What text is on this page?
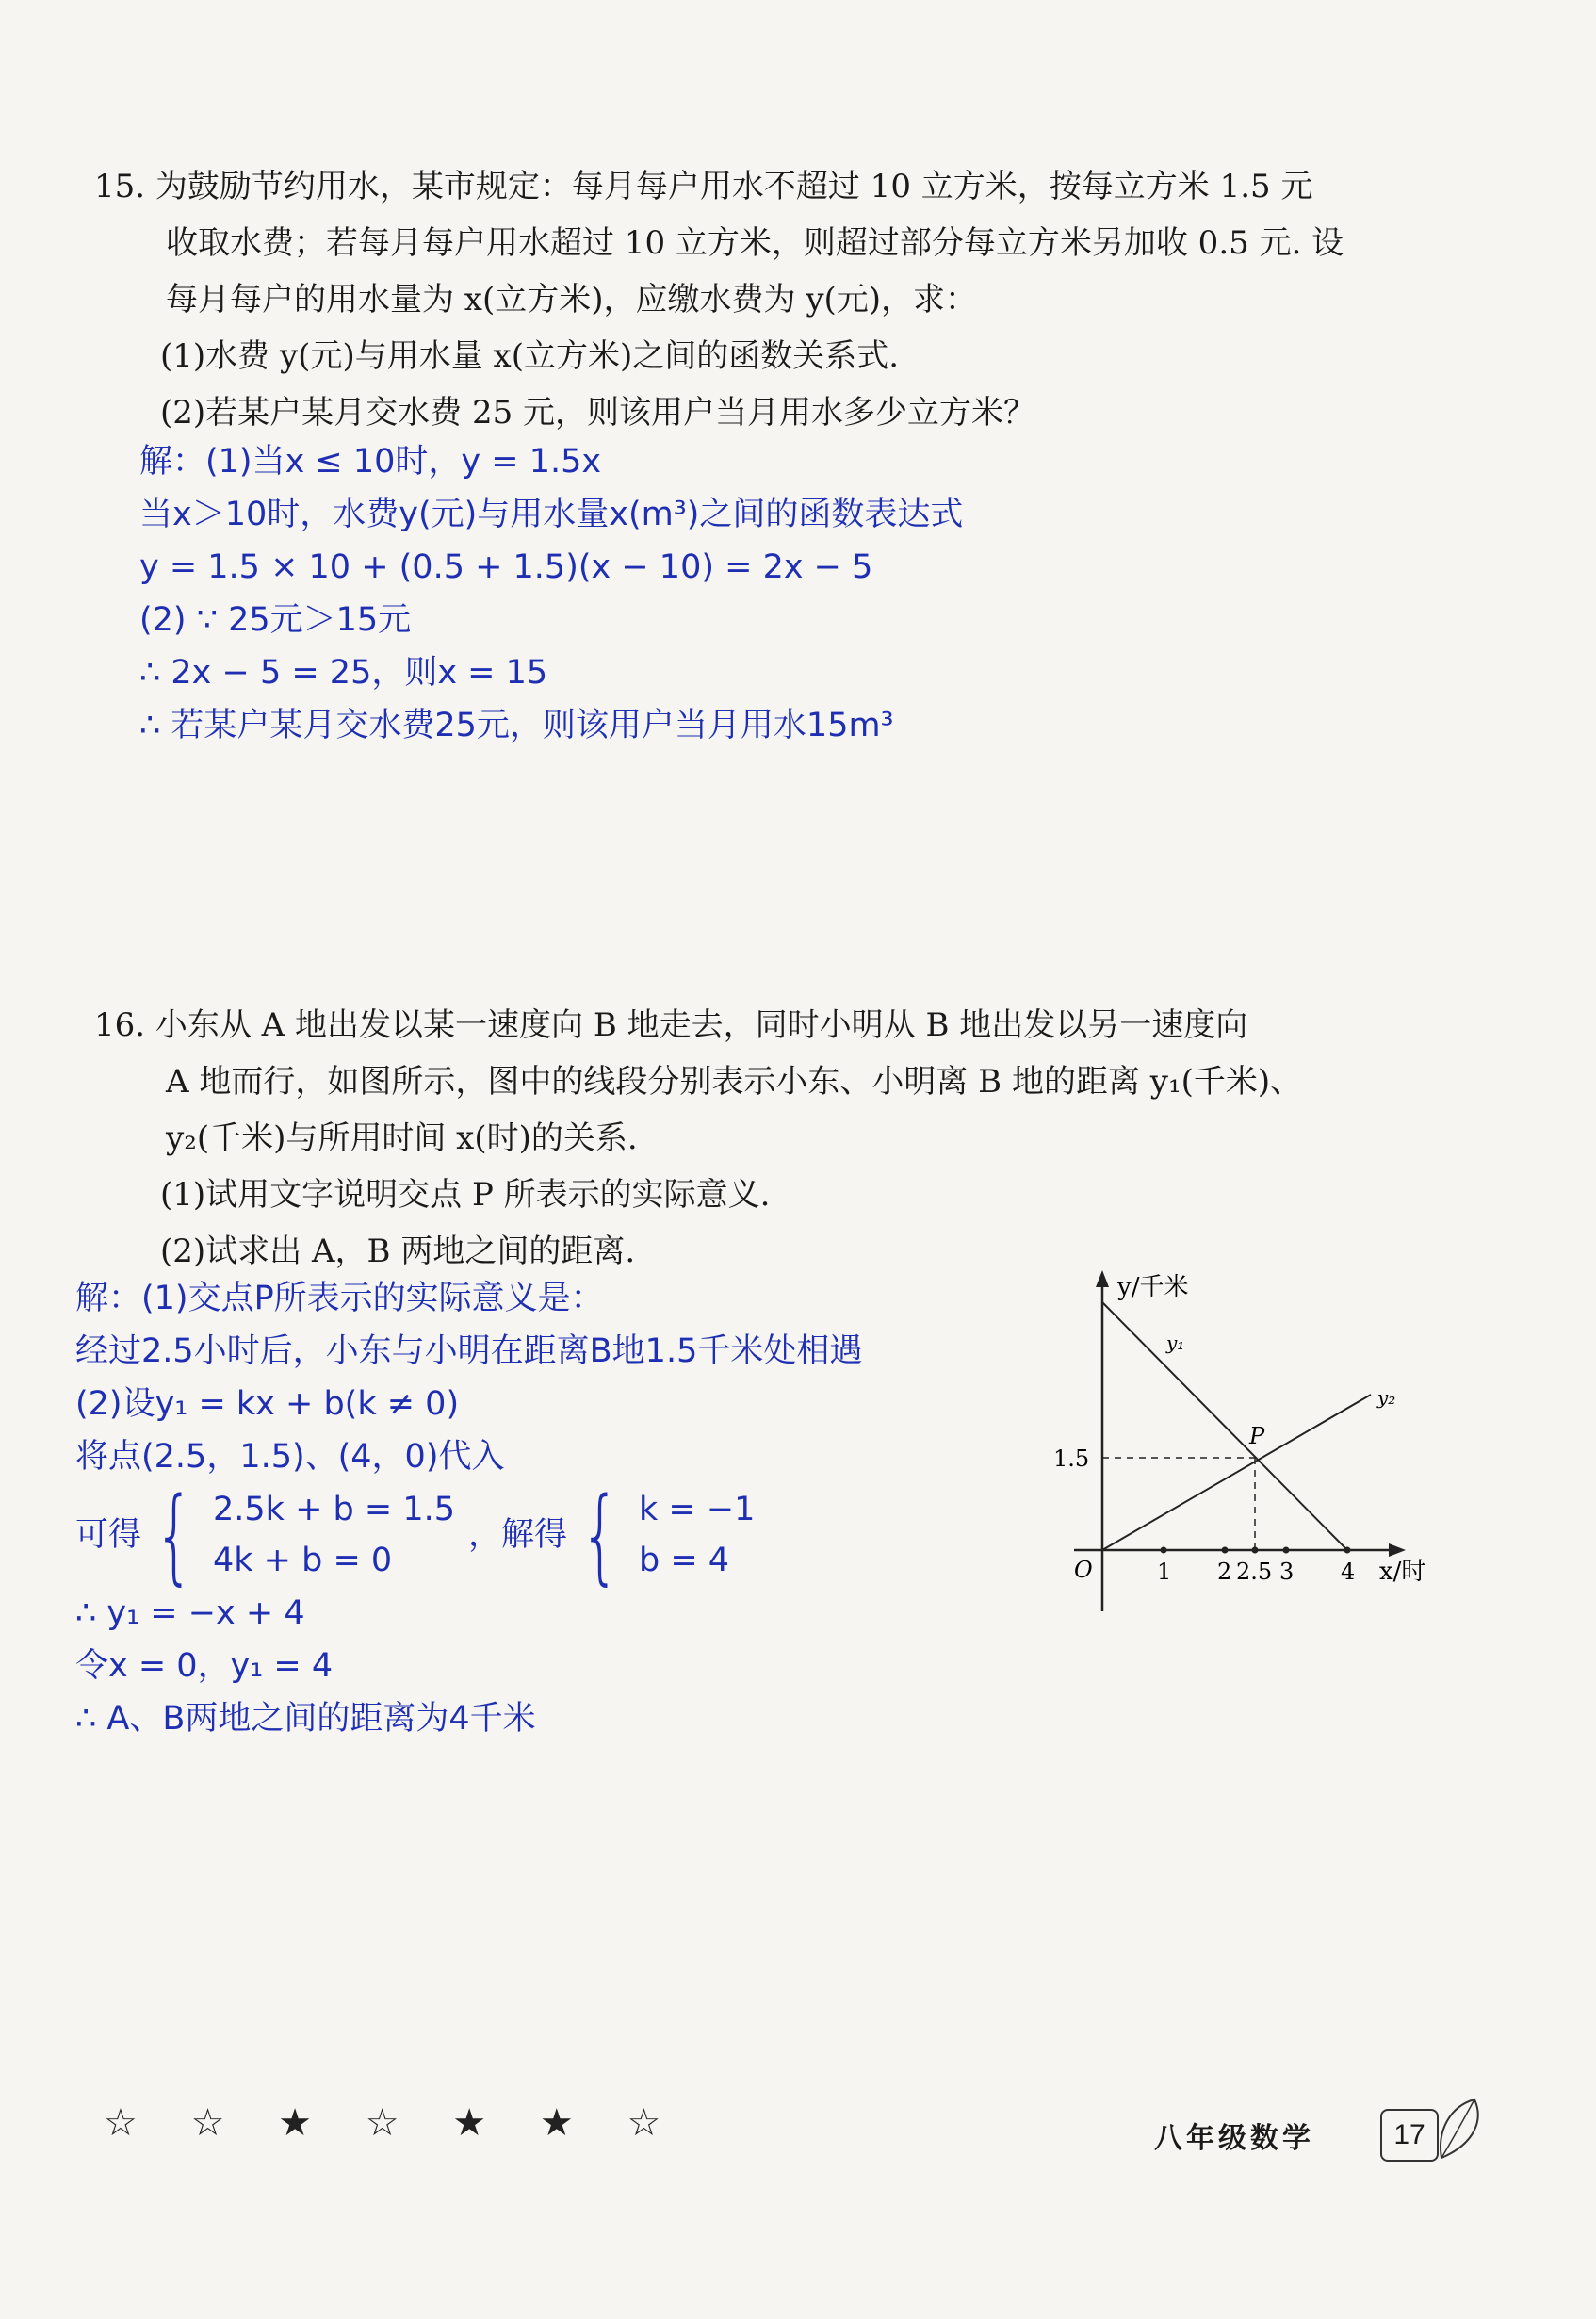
15. 为鼓励节约用水，某市规定：每月每户用水不超过 10 立方米，按每立方米 1.5 元
收取水费；若每月每户用水超过 10 立方米，则超过部分每立方米另加收 0.5 元. 设
每月每户的用水量为 x(立方米)，应缴水费为 y(元)，求：
(1)水费 y(元)与用水量 x(立方米)之间的函数关系式.
(2)若某户某月交水费 25 元，则该用户当月用水多少立方米？
解：(1)当x ≤ 10时，y = 1.5x
当x＞10时，水费y(元)与用水量x(m³)之间的函数表达式
y = 1.5 × 10 + (0.5 + 1.5)(x − 10) = 2x − 5
(2) ∵ 25元＞15元
∴ 2x − 5 = 25，则x = 15
∴ 若某户某月交水费25元，则该用户当月用水15m³
16. 小东从 A 地出发以某一速度向 B 地走去，同时小明从 B 地出发以另一速度向
A 地而行，如图所示，图中的线段分别表示小东、小明离 B 地的距离 y₁(千米)、
y₂(千米)与所用时间 x(时)的关系.
(1)试用文字说明交点 P 所表示的实际意义.
(2)试求出 A，B 两地之间的距离.
解：(1)交点P所表示的实际意义是：
经过2.5小时后，小东与小明在距离B地1.5千米处相遇
(2)设y₁ = kx + b(k ≠ 0)
将点(2.5，1.5)、(4，0)代入
可得 { 2.5k + b = 1.5
4k + b = 0
，解得 { k = −1
b = 4
∴ y₁ = −x + 4
令x = 0，y₁ = 4
∴ A、B两地之间的距离为4千米
y/千米
y₁
y₂
P
1.5
O	1 2 2.5 3 4 x/时
☆ ☆ ★ ☆ ★ ★ ☆	八年级数学	17
